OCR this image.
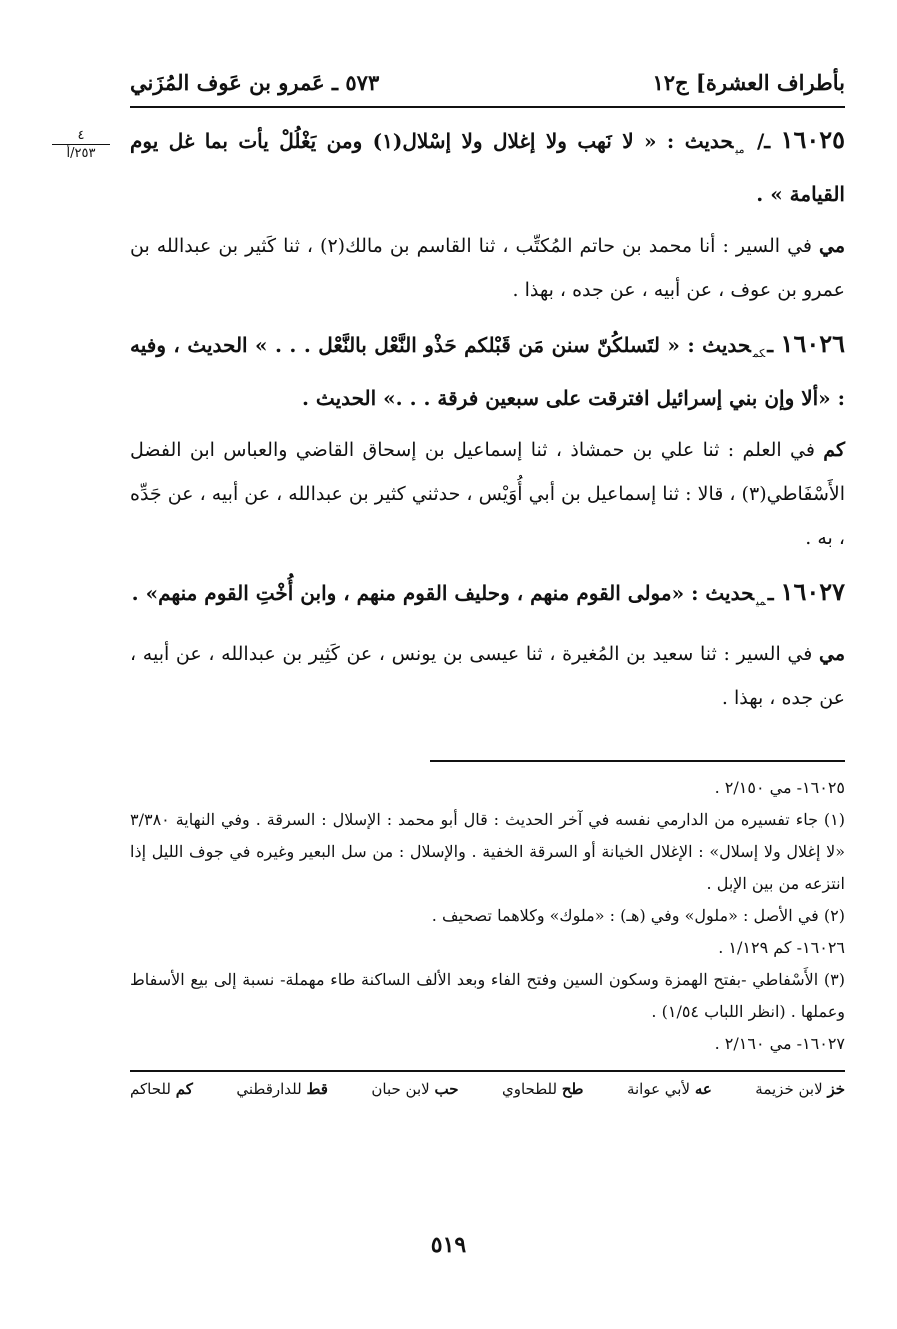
٤
٢٥٣/أ
بأطراف العشرة] ج١٢
٥٧٣ ـ عَمرو بن عَوف المُزَني
١٦٠٢٥ ـ/ $_{مي}$حديث : « لا نَهب ولا إغلال ولا إسْلال(١) ومن يَغْلُلْ يأت بما غل يوم القيامة » .
مي في السير : أنا محمد بن حاتم المُكتِّب ، ثنا القاسم بن مالك(٢) ، ثنا كَثير بن عبدالله بن عمرو بن عوف ، عن أبيه ، عن جده ، بهذا .
١٦٠٢٦ ـ$_{كم}$حديث : « لتَسلكُنّ سنن مَن قَبْلكم حَذْو النَّعْل بالنَّعْل . . . » الحديث ، وفيه : «ألا وإن بني إسرائيل افترقت على سبعين فرقة . . .» الحديث .
كم في العلم : ثنا علي بن حمشاذ ، ثنا إسماعيل بن إسحاق القاضي والعباس ابن الفضل الأَسْفَاطي(٣) ، قالا : ثنا إسماعيل بن أبي أُوَيْس ، حدثني كثير بن عبدالله ، عن أبيه ، عن جَدِّه ، به .
١٦٠٢٧ ـ$_{مي}$حديث : «مولى القوم منهم ، وحليف القوم منهم ، وابن أُخْتِ القوم منهم» .
مي في السير : ثنا سعيد بن المُغيرة ، ثنا عيسى بن يونس ، عن كَثِير بن عبدالله ، عن أبيه ، عن جده ، بهذا .
١٦٠٢٥- مي ٢/١٥٠ .
(١) جاء تفسيره من الدارمي نفسه في آخر الحديث : قال أبو محمد : الإسلال : السرقة . وفي النهاية ٣/٣٨٠ «لا إغلال ولا إسلال» : الإغلال الخيانة أو السرقة الخفية . والإسلال : من سل البعير وغيره في جوف الليل إذا انتزعه من بين الإبل .
(٢) في الأصل : «ملول» وفي (هـ) : «ملوك» وكلاهما تصحيف .
١٦٠٢٦- كم ١/١٢٩ .
(٣) الأَسْفاطي -بفتح الهمزة وسكون السين وفتح الفاء وبعد الألف الساكنة طاء مهملة- نسبة إلى بيع الأسفاط وعملها . (انظر اللباب ١/٥٤) .
١٦٠٢٧- مي ٢/١٦٠ .
خز لابن خزيمة
عه لأبي عوانة
طح للطحاوي
حب لابن حبان
قط للدارقطني
كم للحاكم
٥١٩
